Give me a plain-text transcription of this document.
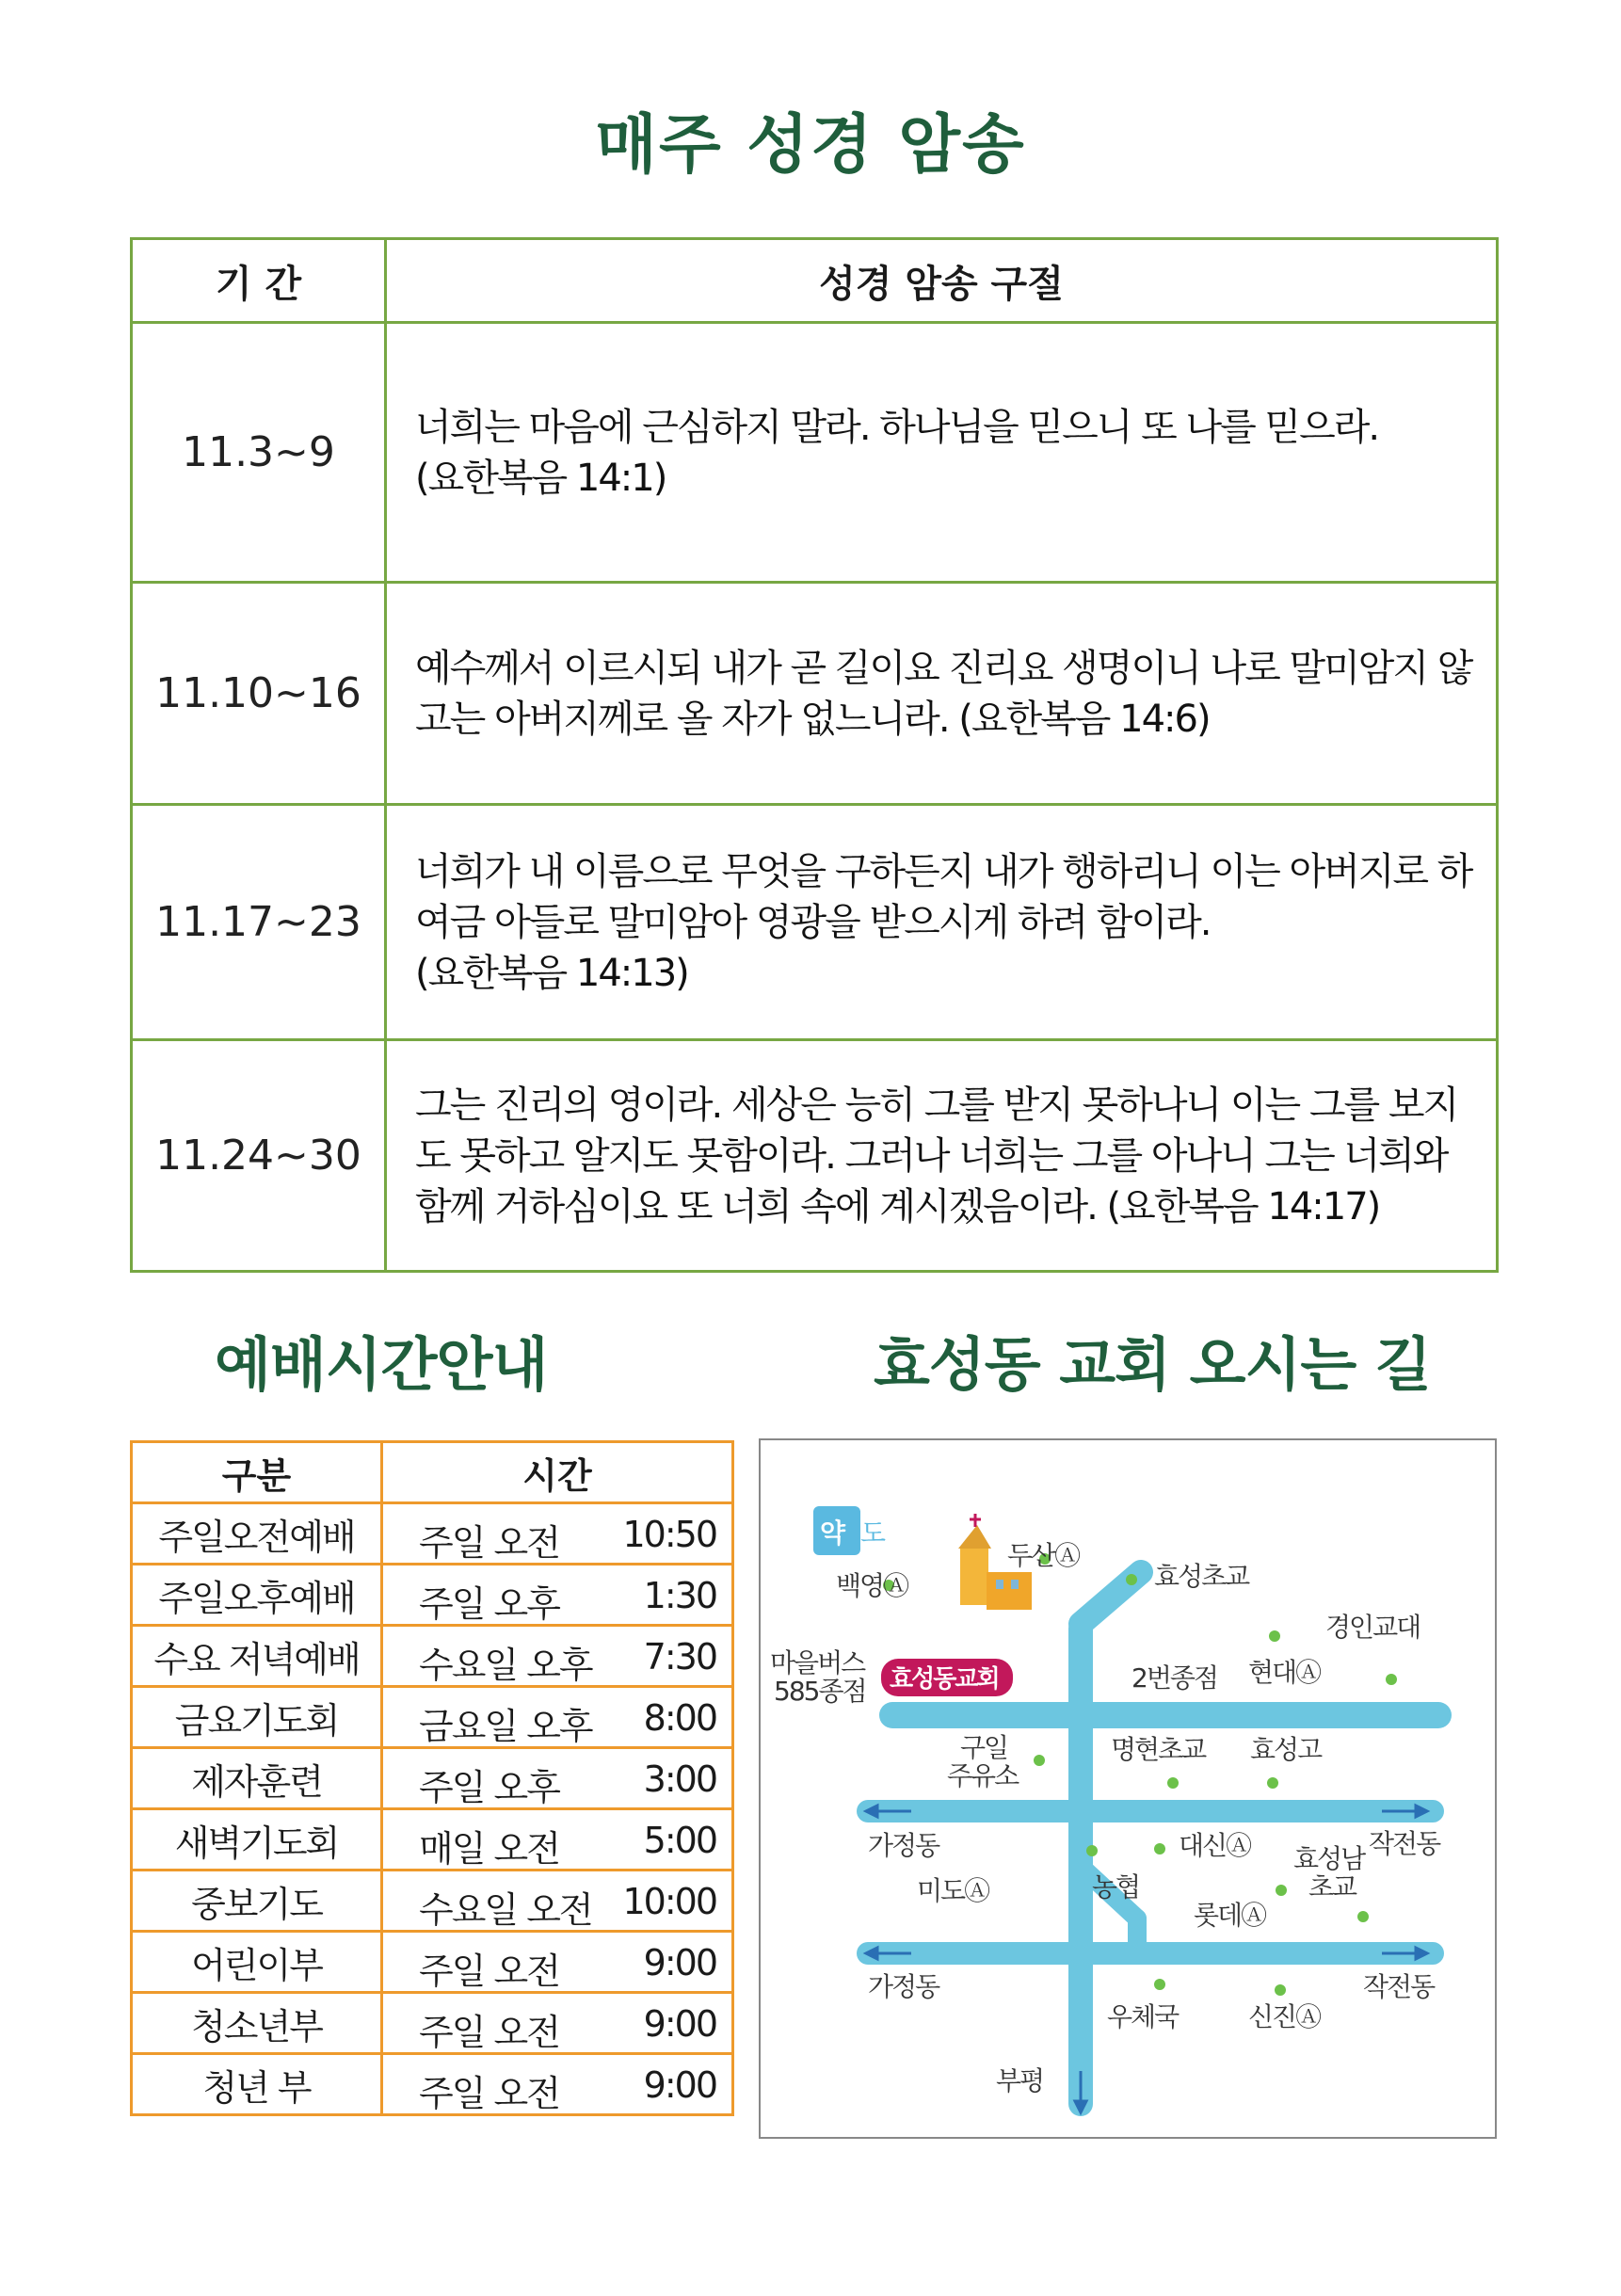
매주 성경 암송
기 간	성경 암송 구절
11.3~9	너희는 마음에 근심하지 말라. 하나님을 믿으니 또 나를 믿으라.
(요한복음 14:1)

11.10~16	예수께서 이르시되 내가 곧 길이요 진리요 생명이니 나로 말미암지 않
고는 아버지께로 올 자가 없느니라. (요한복음 14:6)

11.17~23	너희가 내 이름으로 무엇을 구하든지 내가 행하리니 이는 아버지로 하
여금 아들로 말미암아 영광을 받으시게 하려 함이라.
(요한복음 14:13)

11.24~30	그는 진리의 영이라. 세상은 능히 그를 받지 못하나니 이는 그를 보지
도 못하고 알지도 못함이라. 그러나 너희는 그를 아나니 그는 너희와
함께 거하심이요 또 너희 속에 계시겠음이라. (요한복음 14:17)
예배시간안내	효성동 교회 오시는 길
구분	시간
주일오전예배	주일 오전 10:50

주일오후예배	주일 오후 1:30

수요 저녁예배	수요일 오후 7:30

금요기도회	금요일 오후 8:00

제자훈련	주일 오후 3:00

새벽기도회	매일 오전 5:00

중보기도	수요일 오전 10:00

어린이부	주일 오전 9:00

청소년부	주일 오전 9:00

청년 부	주일 오전 9:00
약 도
효성동교회
두산Ⓐ
효성초교
백영Ⓐ
경인교대
마을버스
585종점	2번종점 현대Ⓐ
구일
주유소
명현초교 효성고
가정동	작전동
대신Ⓐ 효성남
초교
미도Ⓐ	농협
롯데Ⓐ
가정동	작전동
우체국	신진Ⓐ
부평
